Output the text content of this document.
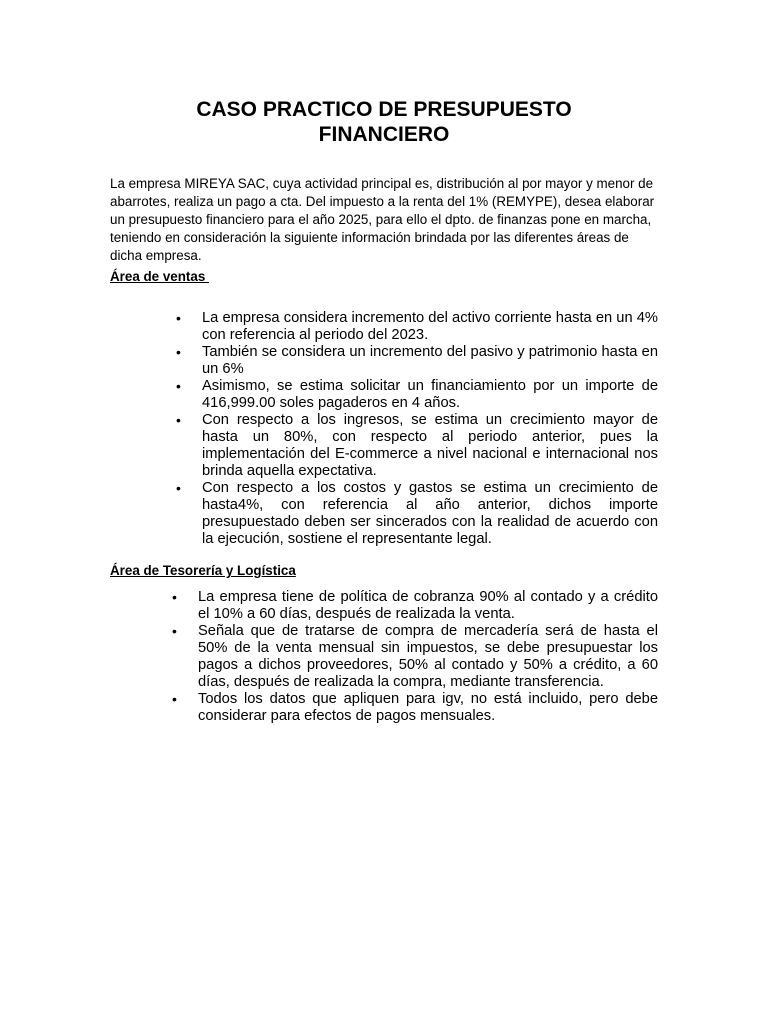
CASO PRACTICO DE PRESUPUESTO
FINANCIERO

La empresa MIREYA SAC, cuya actividad principal es, distribución al por mayor y menor de abarrotes, realiza un pago a cta. Del impuesto a la renta del 1% (REMYPE), desea elaborar un presupuesto financiero para el año 2025, para ello el dpto. de finanzas pone en marcha, teniendo en consideración la siguiente información brindada por las diferentes áreas de dicha empresa.

Área de ventas

• La empresa considera incremento del activo corriente hasta en un 4% con referencia al periodo del 2023.
• También se considera un incremento del pasivo y patrimonio hasta en un 6%
• Asimismo, se estima solicitar un financiamiento por un importe de 416,999.00 soles pagaderos en 4 años.
• Con respecto a los ingresos, se estima un crecimiento mayor de hasta un 80%, con respecto al periodo anterior, pues la implementación del E-commerce a nivel nacional e internacional nos brinda aquella expectativa.
• Con respecto a los costos y gastos se estima un crecimiento de hasta4%, con referencia al año anterior, dichos importe presupuestado deben ser sincerados con la realidad de acuerdo con la ejecución, sostiene el representante legal.

Área de Tesorería y Logística

• La empresa tiene de política de cobranza 90% al contado y a crédito el 10% a 60 días, después de realizada la venta.
• Señala que de tratarse de compra de mercadería será de hasta el 50% de la venta mensual sin impuestos, se debe presupuestar los pagos a dichos proveedores, 50% al contado y 50% a crédito, a 60 días, después de realizada la compra, mediante transferencia.
• Todos los datos que apliquen para igv, no está incluido, pero debe considerar para efectos de pagos mensuales.
